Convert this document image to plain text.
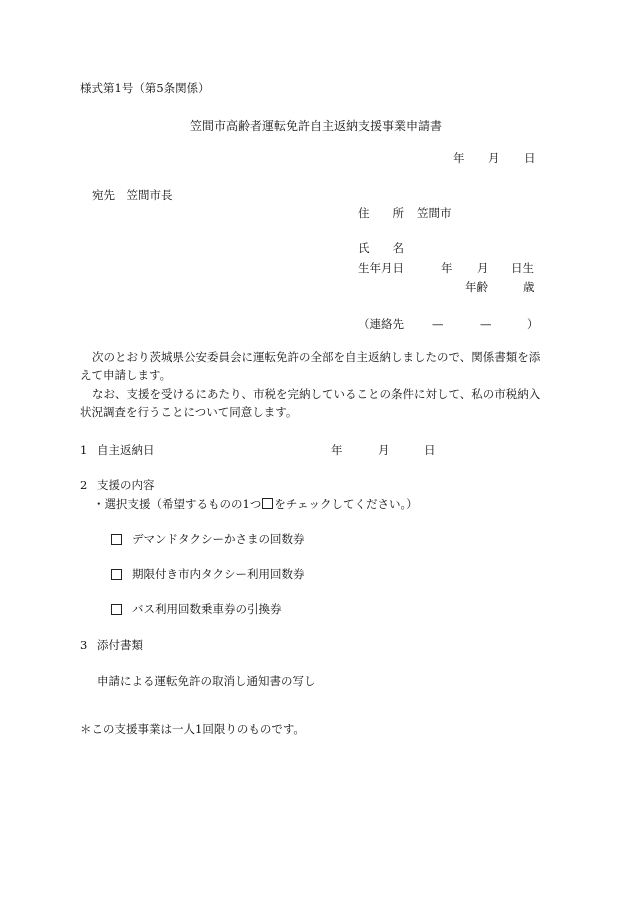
様式第1号（第5条関係）
笠間市高齢者運転免許自主返納支援事業申請書
年 月 日
宛先　笠間市長
住　　所 笠間市
氏　　名
生年月日	年 月 日生
年齢	歳
（連絡先 —	—	）
次のとおり茨城県公安委員会に運転免許の全部を自主返納しましたので、関係書類を添
えて申請します。
なお、支援を受けるにあたり、市税を完納していることの条件に対して、私の市税納入
状況調査を行うことについて同意します。
1 自主返納日	年	月	日
2 支援の内容
・選択支援（希望するものの1つ をチェックしてください。）
デマンドタクシーかさまの回数券
期限付き市内タクシー利用回数券
バス利用回数乗車券の引換券
3 添付書類
申請による運転免許の取消し通知書の写し
＊この支援事業は一人1回限りのものです。
